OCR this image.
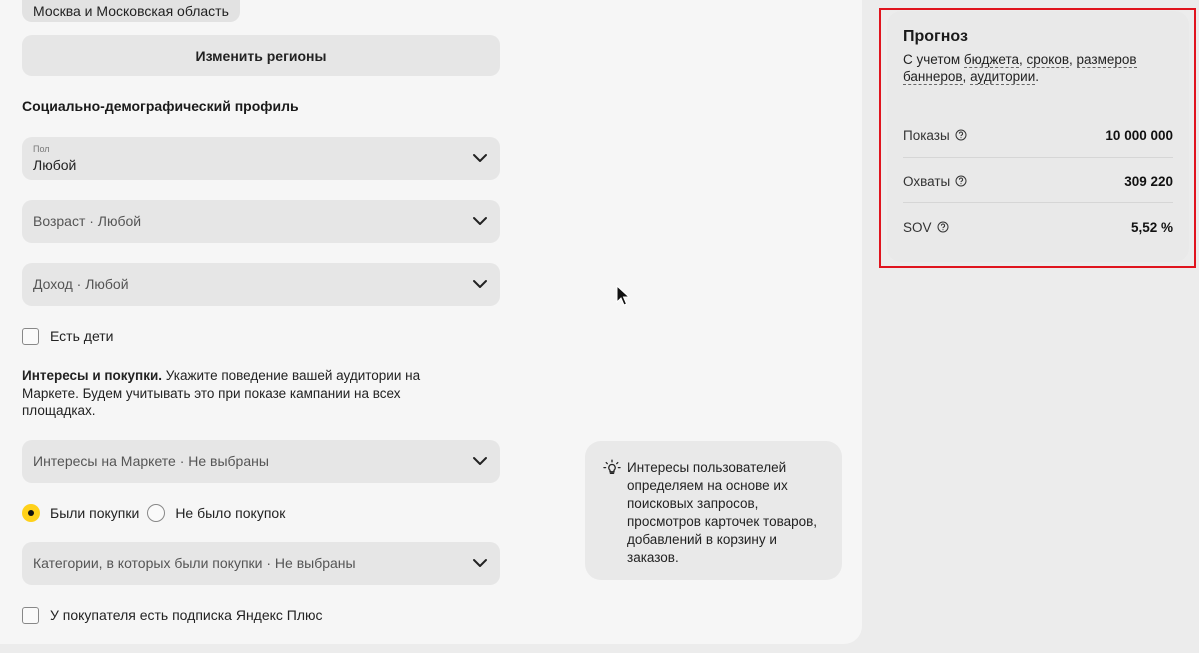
Москва и Московская область
Изменить регионы
Социально-демографический профиль
Пол
Любой
Возраст · Любой
Доход · Любой
Есть дети
Интересы и покупки. Укажите поведение вашей аудитории на Маркете. Будем учитывать это при показе кампании на всех площадках.
Интересы на Маркете · Не выбраны
Были покупки	Не было покупок
Категории, в которых были покупки · Не выбраны
У покупателя есть подписка Яндекс Плюс
Интересы пользователей определяем на основе их поисковых запросов, просмотров карточек товаров, добавлений в корзину и заказов.
Прогноз
С учетом бюджета, сроков, размеров баннеров, аудитории.
Показы	10 000 000
Охваты	309 220
SOV	5,52 %
